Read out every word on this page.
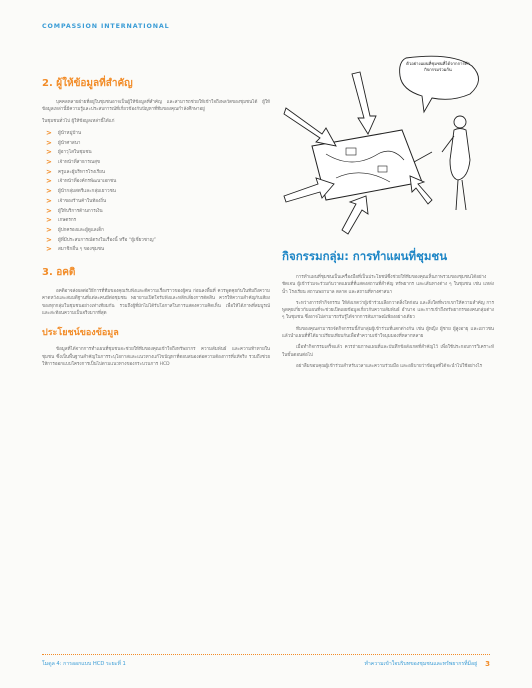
COMPASSION INTERNATIONAL
2. ผู้ให้ข้อมูลที่สำคัญ

บุคคลหลายฝ่ายที่อยู่ในชุมชนอาจเป็นผู้ให้ข้อมูลที่สำคัญ และสามารถช่วยให้เข้าใจถึงพลวัตของชุมชนได้ ผู้ให้ข้อมูลเหล่านี้มีความรู้และประสบการณ์ที่เกี่ยวข้องกับปัญหาที่ทีมของคุณกำลังศึกษาอยู่

ในชุมชนทั่วไป ผู้ให้ข้อมูลเหล่านี้ได้แก่

>	ผู้นำหมู่บ้าน
>	ผู้นำศาสนา
>	ผู้อาวุโสในชุมชน
>	เจ้าหน้าที่สาธารณสุข
>	ครูและผู้บริหารโรงเรียน
>	เจ้าหน้าที่องค์กรพัฒนาเอกชน
>	ผู้นำกลุ่มสตรีและกลุ่มเยาวชน
>	เจ้าของร้านค้าในท้องถิ่น
>	ผู้ให้บริการด้านการเงิน
>	เกษตรกร
>	ผู้ปกครองและผู้ดูแลเด็ก
>	ผู้ที่มีประสบการณ์ตรงในเรื่องนี้ หรือ “ผู้เชี่ยวชาญ”
>	สมาชิกอื่น ๆ ของชุมชน
3. อคติ

อคติอาจส่งผลต่อวิธีการที่ทีมของคุณรับฟังและตีความเรื่องราวของผู้คน ก่อนลงพื้นที่ ควรพูดคุยกันในทีมถึงความคาดหวังและสมมติฐานที่แต่ละคนมีต่อชุมชน พยายามเปิดใจรับฟังและหลีกเลี่ยงการตัดสิน ควรให้ความสำคัญกับเสียงของทุกกลุ่มในชุมชนอย่างเท่าเทียมกัน รวมถึงผู้ที่มักไม่ได้รับโอกาสในการแสดงความคิดเห็น เพื่อให้ได้ภาพที่สมบูรณ์และสะท้อนความเป็นจริงมากที่สุด

ประโยชน์ของข้อมูล

ข้อมูลที่ได้จากการทำแผนที่ชุมชนจะช่วยให้ทีมของคุณเข้าใจถึงทรัพยากร ความสัมพันธ์ และความท้าทายในชุมชน ซึ่งเป็นพื้นฐานสำคัญในการระบุโอกาสและแนวทางแก้ไขปัญหาที่ตอบสนองต่อความต้องการที่แท้จริง รวมถึงช่วยให้การออกแบบโครงการเป็นไปตามแนวทางของกระบวนการ HCD

ตัวอย่างแผนที่ชุมชนที่ได้จากการทำกิจกรรมร่วมกัน
กิจกรรมกลุ่ม: การทำแผนที่ชุมชน

การทำแผนที่ชุมชนเป็นเครื่องมือที่เป็นประโยชน์ซึ่งช่วยให้ทีมของคุณเห็นภาพรวมของชุมชนได้อย่างชัดเจน ผู้เข้าร่วมจะร่วมกันวาดแผนที่ที่แสดงสถานที่สำคัญ ทรัพยากร และเส้นทางต่าง ๆ ในชุมชน เช่น แหล่งน้ำ โรงเรียน สถานพยาบาล ตลาด และสถานที่ทางศาสนา

ระหว่างการทำกิจกรรม ให้สังเกตว่าผู้เข้าร่วมเลือกวาดสิ่งใดก่อน และสิ่งใดที่พวกเขาให้ความสำคัญ การพูดคุยเกี่ยวกับแผนที่จะช่วยเปิดเผยข้อมูลเกี่ยวกับความสัมพันธ์ อำนาจ และการเข้าถึงทรัพยากรของคนกลุ่มต่าง ๆ ในชุมชน ซึ่งอาจไม่สามารถรับรู้ได้จากการสัมภาษณ์เพียงอย่างเดียว

ทีมของคุณสามารถจัดกิจกรรมนี้กับกลุ่มผู้เข้าร่วมที่แตกต่างกัน เช่น ผู้หญิง ผู้ชาย ผู้สูงอายุ และเยาวชน แล้วนำแผนที่ที่ได้มาเปรียบเทียบกันเพื่อทำความเข้าใจมุมมองที่หลากหลาย

เมื่อทำกิจกรรมเสร็จแล้ว ควรถ่ายภาพแผนที่และบันทึกข้อสังเกตที่สำคัญไว้ เพื่อใช้ประกอบการวิเคราะห์ในขั้นตอนต่อไป

อย่าลืมขอบคุณผู้เข้าร่วมสำหรับเวลาและความร่วมมือ และอธิบายว่าข้อมูลที่ได้จะนำไปใช้อย่างไร

โมดูล 4: การออกแบบ HCD ระยะที่ 1	ทำความเข้าใจบริบทของชุมชนและทรัพยากรที่มีอยู่ 3
